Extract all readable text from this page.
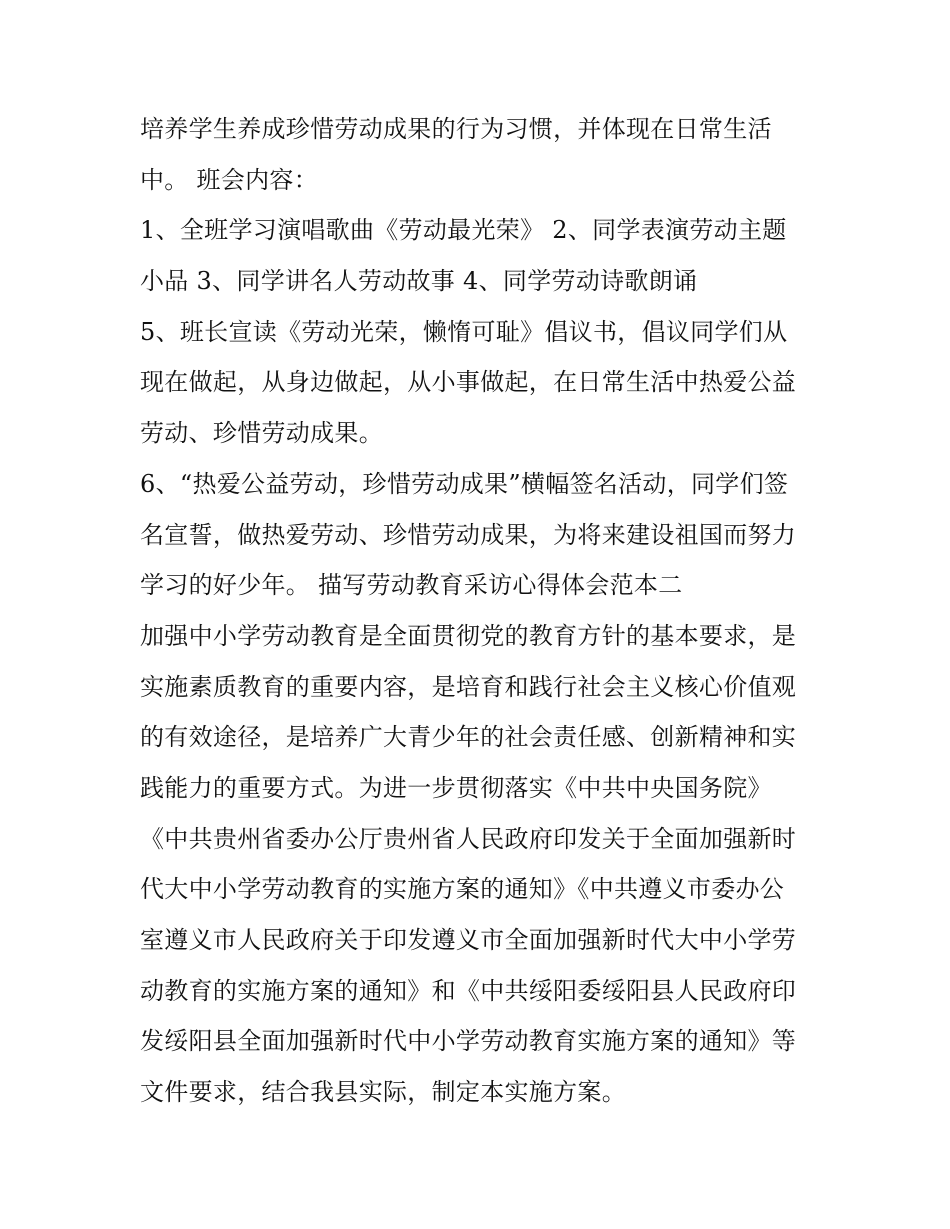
培养学生养成珍惜劳动成果的行为习惯，并体现在日常生活
中。 班会内容：
1、全班学习演唱歌曲《劳动最光荣》 2、同学表演劳动主题
小品 3、同学讲名人劳动故事 4、同学劳动诗歌朗诵
5、班长宣读《劳动光荣，懒惰可耻》倡议书，倡议同学们从
现在做起，从身边做起，从小事做起，在日常生活中热爱公益
劳动、珍惜劳动成果。
6、“热爱公益劳动，珍惜劳动成果”横幅签名活动，同学们签
名宣誓，做热爱劳动、珍惜劳动成果，为将来建设祖国而努力
学习的好少年。 描写劳动教育采访心得体会范本二
加强中小学劳动教育是全面贯彻党的教育方针的基本要求，是
实施素质教育的重要内容，是培育和践行社会主义核心价值观
的有效途径，是培养广大青少年的社会责任感、创新精神和实
践能力的重要方式。为进一步贯彻落实《中共中央国务院》
《中共贵州省委办公厅贵州省人民政府印发关于全面加强新时
代大中小学劳动教育的实施方案的通知》《中共遵义市委办公
室遵义市人民政府关于印发遵义市全面加强新时代大中小学劳
动教育的实施方案的通知》和《中共绥阳委绥阳县人民政府印
发绥阳县全面加强新时代中小学劳动教育实施方案的通知》等
文件要求，结合我县实际，制定本实施方案。
